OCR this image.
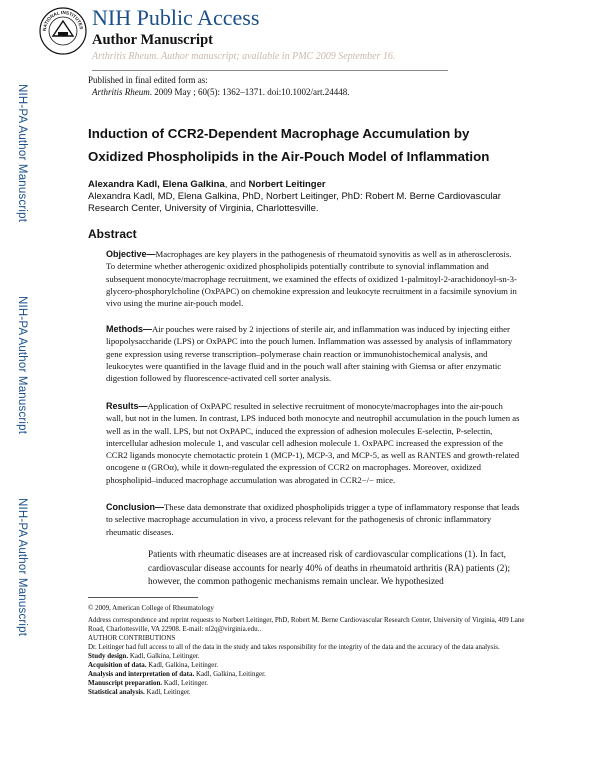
NIH-PA Author Manuscript
NIH-PA Author Manuscript
NIH-PA Author Manuscript
NATIONAL INSTITUTES NIH Public Access
Author Manuscript
Arthritis Rheum. Author manuscript; available in PMC 2009 September 16.
Published in final edited form as:
Arthritis Rheum. 2009 May ; 60(5): 1362–1371. doi:10.1002/art.24448.
Induction of CCR2-Dependent Macrophage Accumulation by Oxidized Phospholipids in the Air-Pouch Model of Inflammation
Alexandra Kadl, Elena Galkina, and Norbert Leitinger
Alexandra Kadl, MD, Elena Galkina, PhD, Norbert Leitinger, PhD: Robert M. Berne Cardiovascular Research Center, University of Virginia, Charlottesville.
Abstract
Objective—Macrophages are key players in the pathogenesis of rheumatoid synovitis as well as in atherosclerosis. To determine whether atherogenic oxidized phospholipids potentially contribute to synovial inflammation and subsequent monocyte/macrophage recruitment, we examined the effects of oxidized 1-palmitoyl-2-arachidonoyl-sn-3-glycero-phosphorylcholine (OxPAPC) on chemokine expression and leukocyte recruitment in a facsimile synovium in vivo using the murine air-pouch model.
Methods—Air pouches were raised by 2 injections of sterile air, and inflammation was induced by injecting either lipopolysaccharide (LPS) or OxPAPC into the pouch lumen. Inflammation was assessed by analysis of inflammatory gene expression using reverse transcription–polymerase chain reaction or immunohistochemical analysis, and leukocytes were quantified in the lavage fluid and in the pouch wall after staining with Giemsa or after enzymatic digestion followed by fluorescence-activated cell sorter analysis.
Results—Application of OxPAPC resulted in selective recruitment of monocyte/macrophages into the air-pouch wall, but not in the lumen. In contrast, LPS induced both monocyte and neutrophil accumulation in the pouch lumen as well as in the wall. LPS, but not OxPAPC, induced the expression of adhesion molecules E-selectin, P-selectin, intercellular adhesion molecule 1, and vascular cell adhesion molecule 1. OxPAPC increased the expression of the CCR2 ligands monocyte chemotactic protein 1 (MCP-1), MCP-3, and MCP-5, as well as RANTES and growth-related oncogene α (GROα), while it down-regulated the expression of CCR2 on macrophages. Moreover, oxidized phospholipid–induced macrophage accumulation was abrogated in CCR2−/− mice.
Conclusion—These data demonstrate that oxidized phospholipids trigger a type of inflammatory response that leads to selective macrophage accumulation in vivo, a process relevant for the pathogenesis of chronic inflammatory rheumatic diseases.
Patients with rheumatic diseases are at increased risk of cardiovascular complications (1). In fact, cardiovascular disease accounts for nearly 40% of deaths in rheumatoid arthritis (RA) patients (2); however, the common pathogenic mechanisms remain unclear. We hypothesized
© 2009, American College of Rheumatology
Address correspondence and reprint requests to Norbert Leitinger, PhD, Robert M. Berne Cardiovascular Research Center, University of Virginia, 409 Lane Road, Charlottesville, VA 22908. E-mail: nl2q@virginia.edu..
AUTHOR CONTRIBUTIONS
Dr. Leitinger had full access to all of the data in the study and takes responsibility for the integrity of the data and the accuracy of the data analysis.
Study design. Kadl, Galkina, Leitinger.
Acquisition of data. Kadl, Galkina, Leitinger.
Analysis and interpretation of data. Kadl, Galkina, Leitinger.
Manuscript preparation. Kadl, Leitinger.
Statistical analysis. Kadl, Leitinger.
